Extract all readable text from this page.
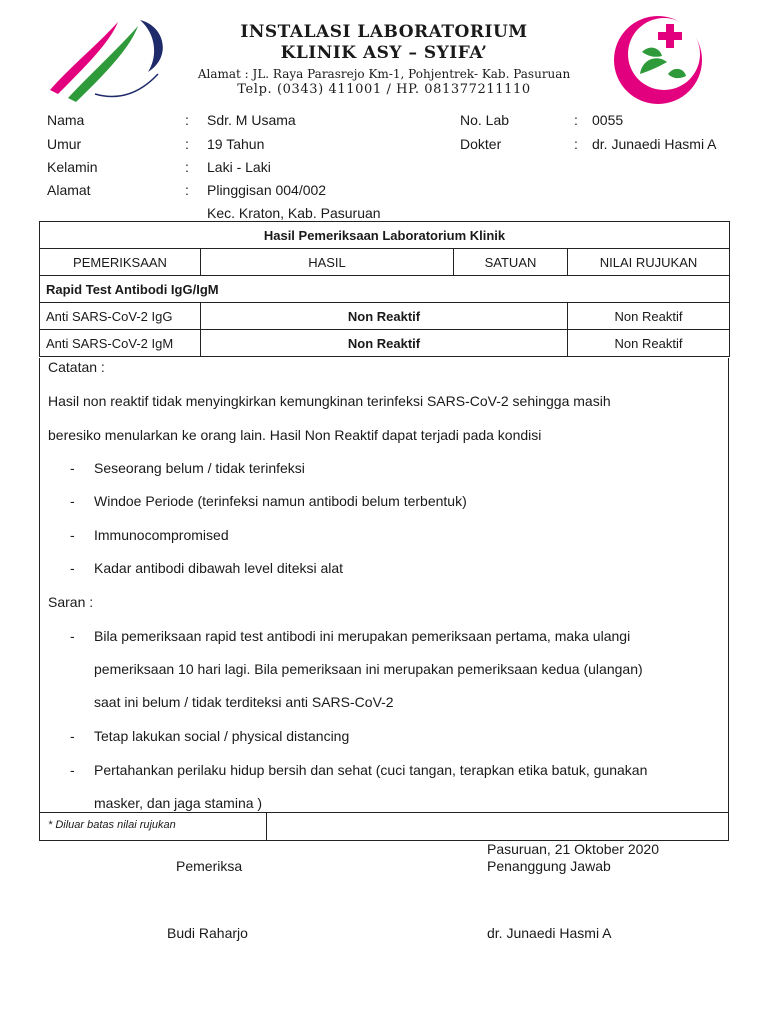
INSTALASI LABORATORIUM
KLINIK ASY – SYIFA’
Alamat : JL. Raya Parasrejo Km-1, Pohjentrek- Kab. Pasuruan
Telp. (0343) 411001 / HP. 081377211110
Nama	: Sdr. M Usama	No. Lab	: 0055
Umur	: 19 Tahun	Dokter	: dr. Junaedi Hasmi A
Kelamin	: Laki - Laki
Alamat	: Plinggisan 004/002
Kec. Kraton, Kab. Pasuruan
Hasil Pemeriksaan Laboratorium Klinik			
PEMERIKSAAN	HASIL	SATUAN	NILAI RUJUKAN
Rapid Test Antibodi IgG/IgM			
Anti SARS-CoV-2 IgG	Non Reaktif		Non Reaktif
Anti SARS-CoV-2 IgM	Non Reaktif		Non Reaktif
Catatan :
Hasil non reaktif tidak menyingkirkan kemungkinan terinfeksi SARS-CoV-2 sehingga masih
beresiko menularkan ke orang lain. Hasil Non Reaktif dapat terjadi pada kondisi
- Seseorang belum / tidak terinfeksi
- Windoe Periode (terinfeksi namun antibodi belum terbentuk)
- Immunocompromised
- Kadar antibodi dibawah level diteksi alat
Saran :
- Bila pemeriksaan rapid test antibodi ini merupakan pemeriksaan pertama, maka ulangi
pemeriksaan 10 hari lagi. Bila pemeriksaan ini merupakan pemeriksaan kedua (ulangan)
saat ini belum / tidak terditeksi anti SARS-CoV-2
- Tetap lakukan social / physical distancing
- Pertahankan perilaku hidup bersih dan sehat (cuci tangan, terapkan etika batuk, gunakan
masker, dan jaga stamina )
* Diluar batas nilai rujukan
Pasuruan, 21 Oktober 2020
Pemeriksa	Penanggung Jawab
Budi Raharjo	dr. Junaedi Hasmi A
